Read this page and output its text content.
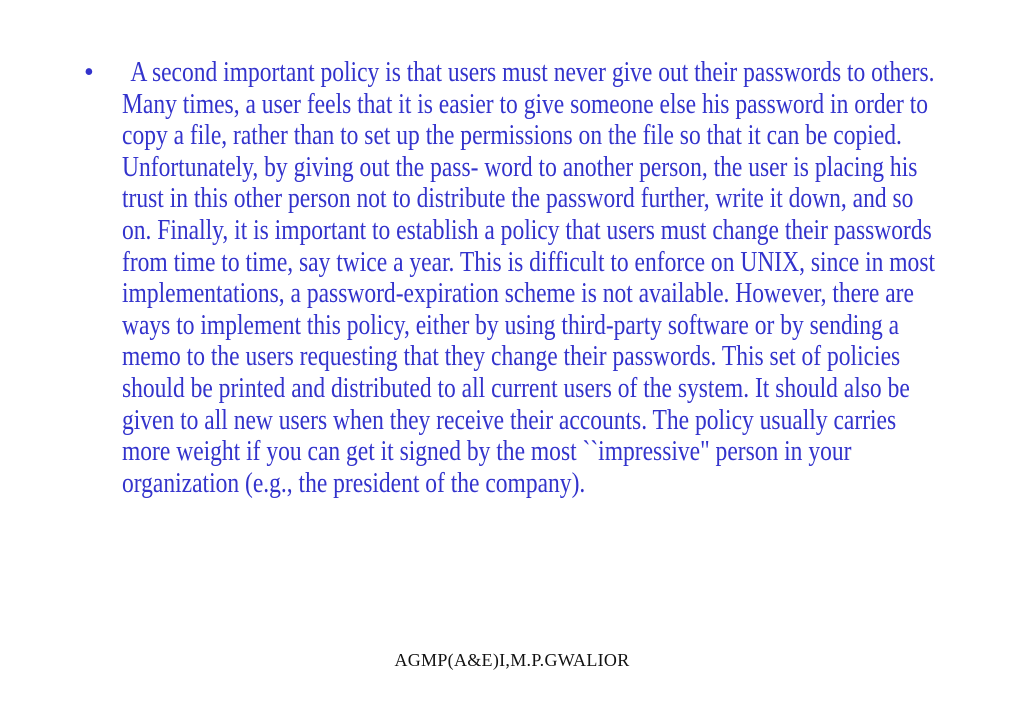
•	A second important policy is that users must never give out their passwords to others. Many times, a user feels that it is easier to give someone else his password in order to copy a file, rather than to set up the permissions on the file so that it can be copied. Unfortunately, by giving out the pass- word to another person, the user is placing his trust in this other person not to distribute the password further, write it down, and so on. Finally, it is important to establish a policy that users must change their passwords from time to time, say twice a year. This is difficult to enforce on UNIX, since in most implementations, a password-expiration scheme is not available. However, there are ways to implement this policy, either by using third-party software or by sending a memo to the users requesting that they change their passwords. This set of policies should be printed and distributed to all current users of the system. It should also be given to all new users when they receive their accounts. The policy usually carries more weight if you can get it signed by the most ``impressive" person in your organization (e.g., the president of the company).

AGMP(A&E)I,M.P.GWALIOR
